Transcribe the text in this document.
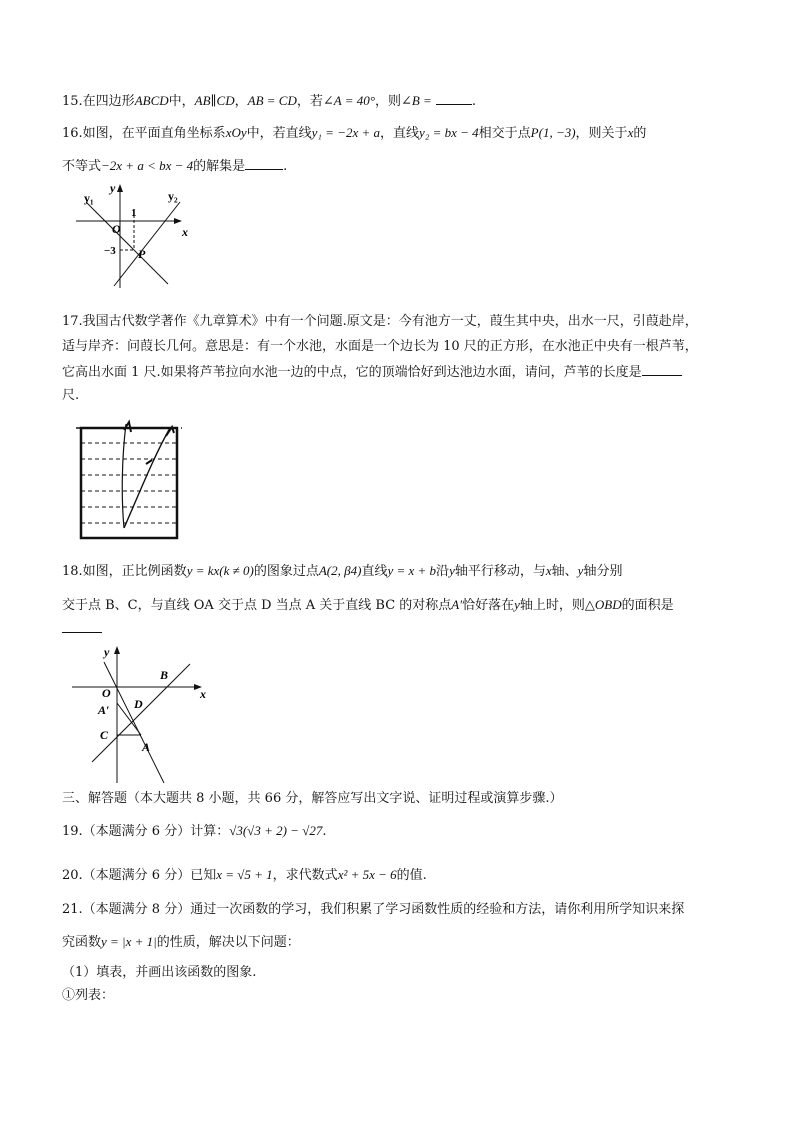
15.在四边形ABCD中，AB∥CD，AB = CD，若∠A = 40°，则∠B =	.
16.如图，在平面直角坐标系xOy中，若直线y₁ = −2x + a，直线y₂ = bx − 4相交于点P(1, −3)，则关于x的
不等式−2x + a < bx − 4的解集是	.
y₁
y
y₂
1
x
O
−3 P
17.我国古代数学著作《九章算术》中有一个问题.原文是：今有池方一丈，葭生其中央，出水一尺，引葭赴岸，
适与岸齐：问葭长几何。意思是：有一个水池，水面是一个边长为 10 尺的正方形，在水池正中央有一根芦苇，
它高出水面 1 尺.如果将芦苇拉向水池一边的中点，它的顶端恰好到达池边水面，请问，芦苇的长度是
尺.
18.如图，正比例函数y = kx(k ≠ 0)的图象过点A(2, β4)直线y = x + b沿y轴平行移动，与x轴、y轴分别
交于点 B、C，与直线 OA 交于点 D 当点 A 关于直线 BC 的对称点A′恰好落在y轴上时，则△OBD的面积是
y
B
O	x
A′ D
C
A
三、解答题（本大题共 8 小题，共 66 分，解答应写出文字说、证明过程或演算步骤.）
19.（本题满分 6 分）计算：√3(√3 + 2) − √27.
20.（本题满分 6 分）已知x = √5 + 1，求代数式x² + 5x − 6的值.
21.（本题满分 8 分）通过一次函数的学习，我们积累了学习函数性质的经验和方法，请你利用所学知识来探
究函数y = |x + 1|的性质，解决以下问题：
（1）填表，并画出该函数的图象.
①列表：
